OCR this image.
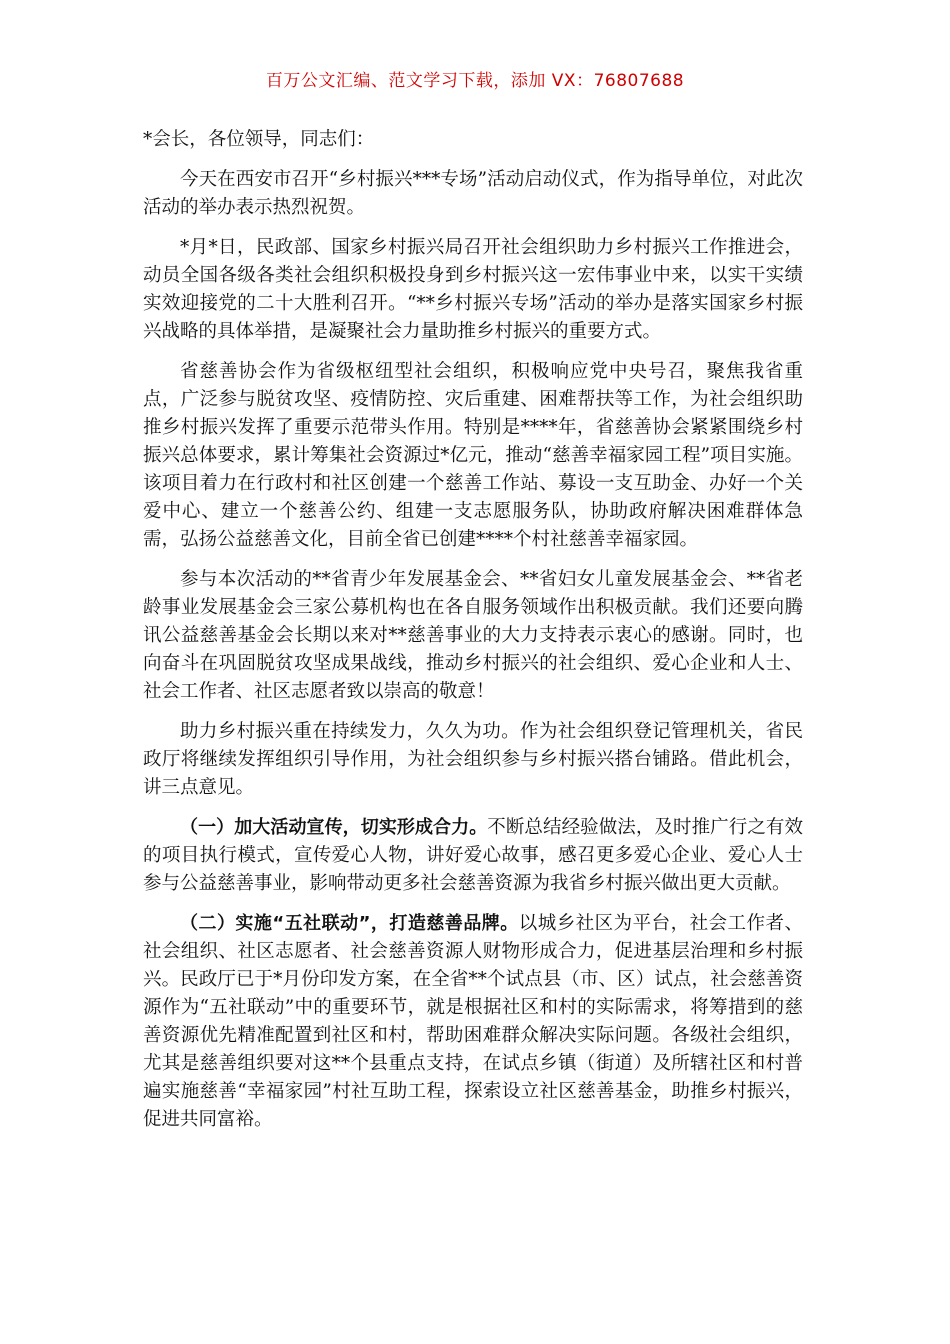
百万公文汇编、范文学习下载，添加 VX：76807688

*会长，各位领导，同志们：

今天在西安市召开“乡村振兴***专场”活动启动仪式，作为指导单位，对此次活动的举办表示热烈祝贺。

*月*日，民政部、国家乡村振兴局召开社会组织助力乡村振兴工作推进会，动员全国各级各类社会组织积极投身到乡村振兴这一宏伟事业中来，以实干实绩实效迎接党的二十大胜利召开。“**乡村振兴专场”活动的举办是落实国家乡村振兴战略的具体举措，是凝聚社会力量助推乡村振兴的重要方式。

省慈善协会作为省级枢纽型社会组织，积极响应党中央号召，聚焦我省重点，广泛参与脱贫攻坚、疫情防控、灾后重建、困难帮扶等工作，为社会组织助推乡村振兴发挥了重要示范带头作用。特别是****年，省慈善协会紧紧围绕乡村振兴总体要求，累计筹集社会资源过*亿元，推动“慈善幸福家园工程”项目实施。该项目着力在行政村和社区创建一个慈善工作站、募设一支互助金、办好一个关爱中心、建立一个慈善公约、组建一支志愿服务队，协助政府解决困难群体急需，弘扬公益慈善文化，目前全省已创建****个村社慈善幸福家园。

参与本次活动的**省青少年发展基金会、**省妇女儿童发展基金会、**省老龄事业发展基金会三家公募机构也在各自服务领域作出积极贡献。我们还要向腾讯公益慈善基金会长期以来对**慈善事业的大力支持表示衷心的感谢。同时，也向奋斗在巩固脱贫攻坚成果战线，推动乡村振兴的社会组织、爱心企业和人士、社会工作者、社区志愿者致以崇高的敬意！

助力乡村振兴重在持续发力，久久为功。作为社会组织登记管理机关，省民政厅将继续发挥组织引导作用，为社会组织参与乡村振兴搭台铺路。借此机会，讲三点意见。

（一）加大活动宣传，切实形成合力。不断总结经验做法，及时推广行之有效的项目执行模式，宣传爱心人物，讲好爱心故事，感召更多爱心企业、爱心人士参与公益慈善事业，影响带动更多社会慈善资源为我省乡村振兴做出更大贡献。

（二）实施“五社联动”，打造慈善品牌。以城乡社区为平台，社会工作者、社会组织、社区志愿者、社会慈善资源人财物形成合力，促进基层治理和乡村振兴。民政厅已于*月份印发方案，在全省**个试点县（市、区）试点，社会慈善资源作为“五社联动”中的重要环节，就是根据社区和村的实际需求，将筹措到的慈善资源优先精准配置到社区和村，帮助困难群众解决实际问题。各级社会组织，尤其是慈善组织要对这**个县重点支持，在试点乡镇（街道）及所辖社区和村普遍实施慈善“幸福家园”村社互助工程，探索设立社区慈善基金，助推乡村振兴，促进共同富裕。
